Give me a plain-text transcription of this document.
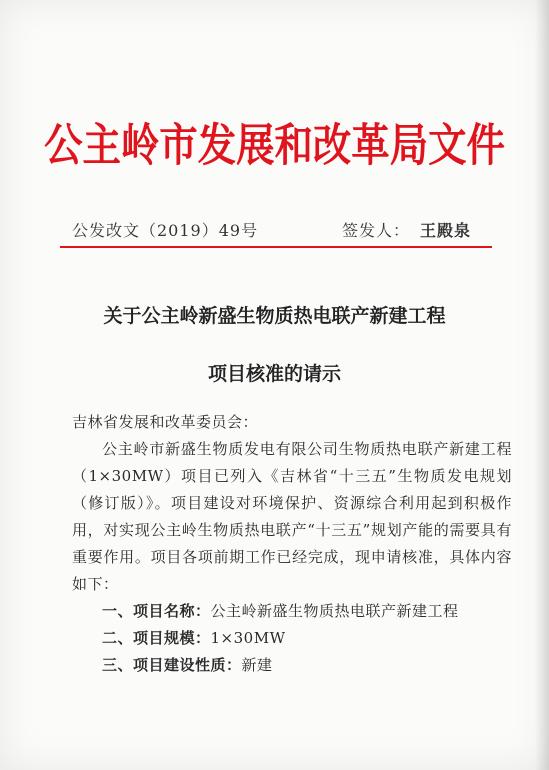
公主岭市发展和改革局文件
公发改文（2019）49号	签发人： 王殿泉
关于公主岭新盛生物质热电联产新建工程
项目核准的请示

吉林省发展和改革委员会：

公主岭市新盛生物质发电有限公司生物质热电联产新建工程（1×30MW）项目已列入《吉林省“十三五”生物质发电规划（修订版）》。项目建设对环境保护、资源综合利用起到积极作用，对实现公主岭生物质热电联产“十三五”规划产能的需要具有重要作用。项目各项前期工作已经完成，现申请核准，具体内容如下：

一、项目名称：公主岭新盛生物质热电联产新建工程

二、项目规模：1×30MW

三、项目建设性质：新建
